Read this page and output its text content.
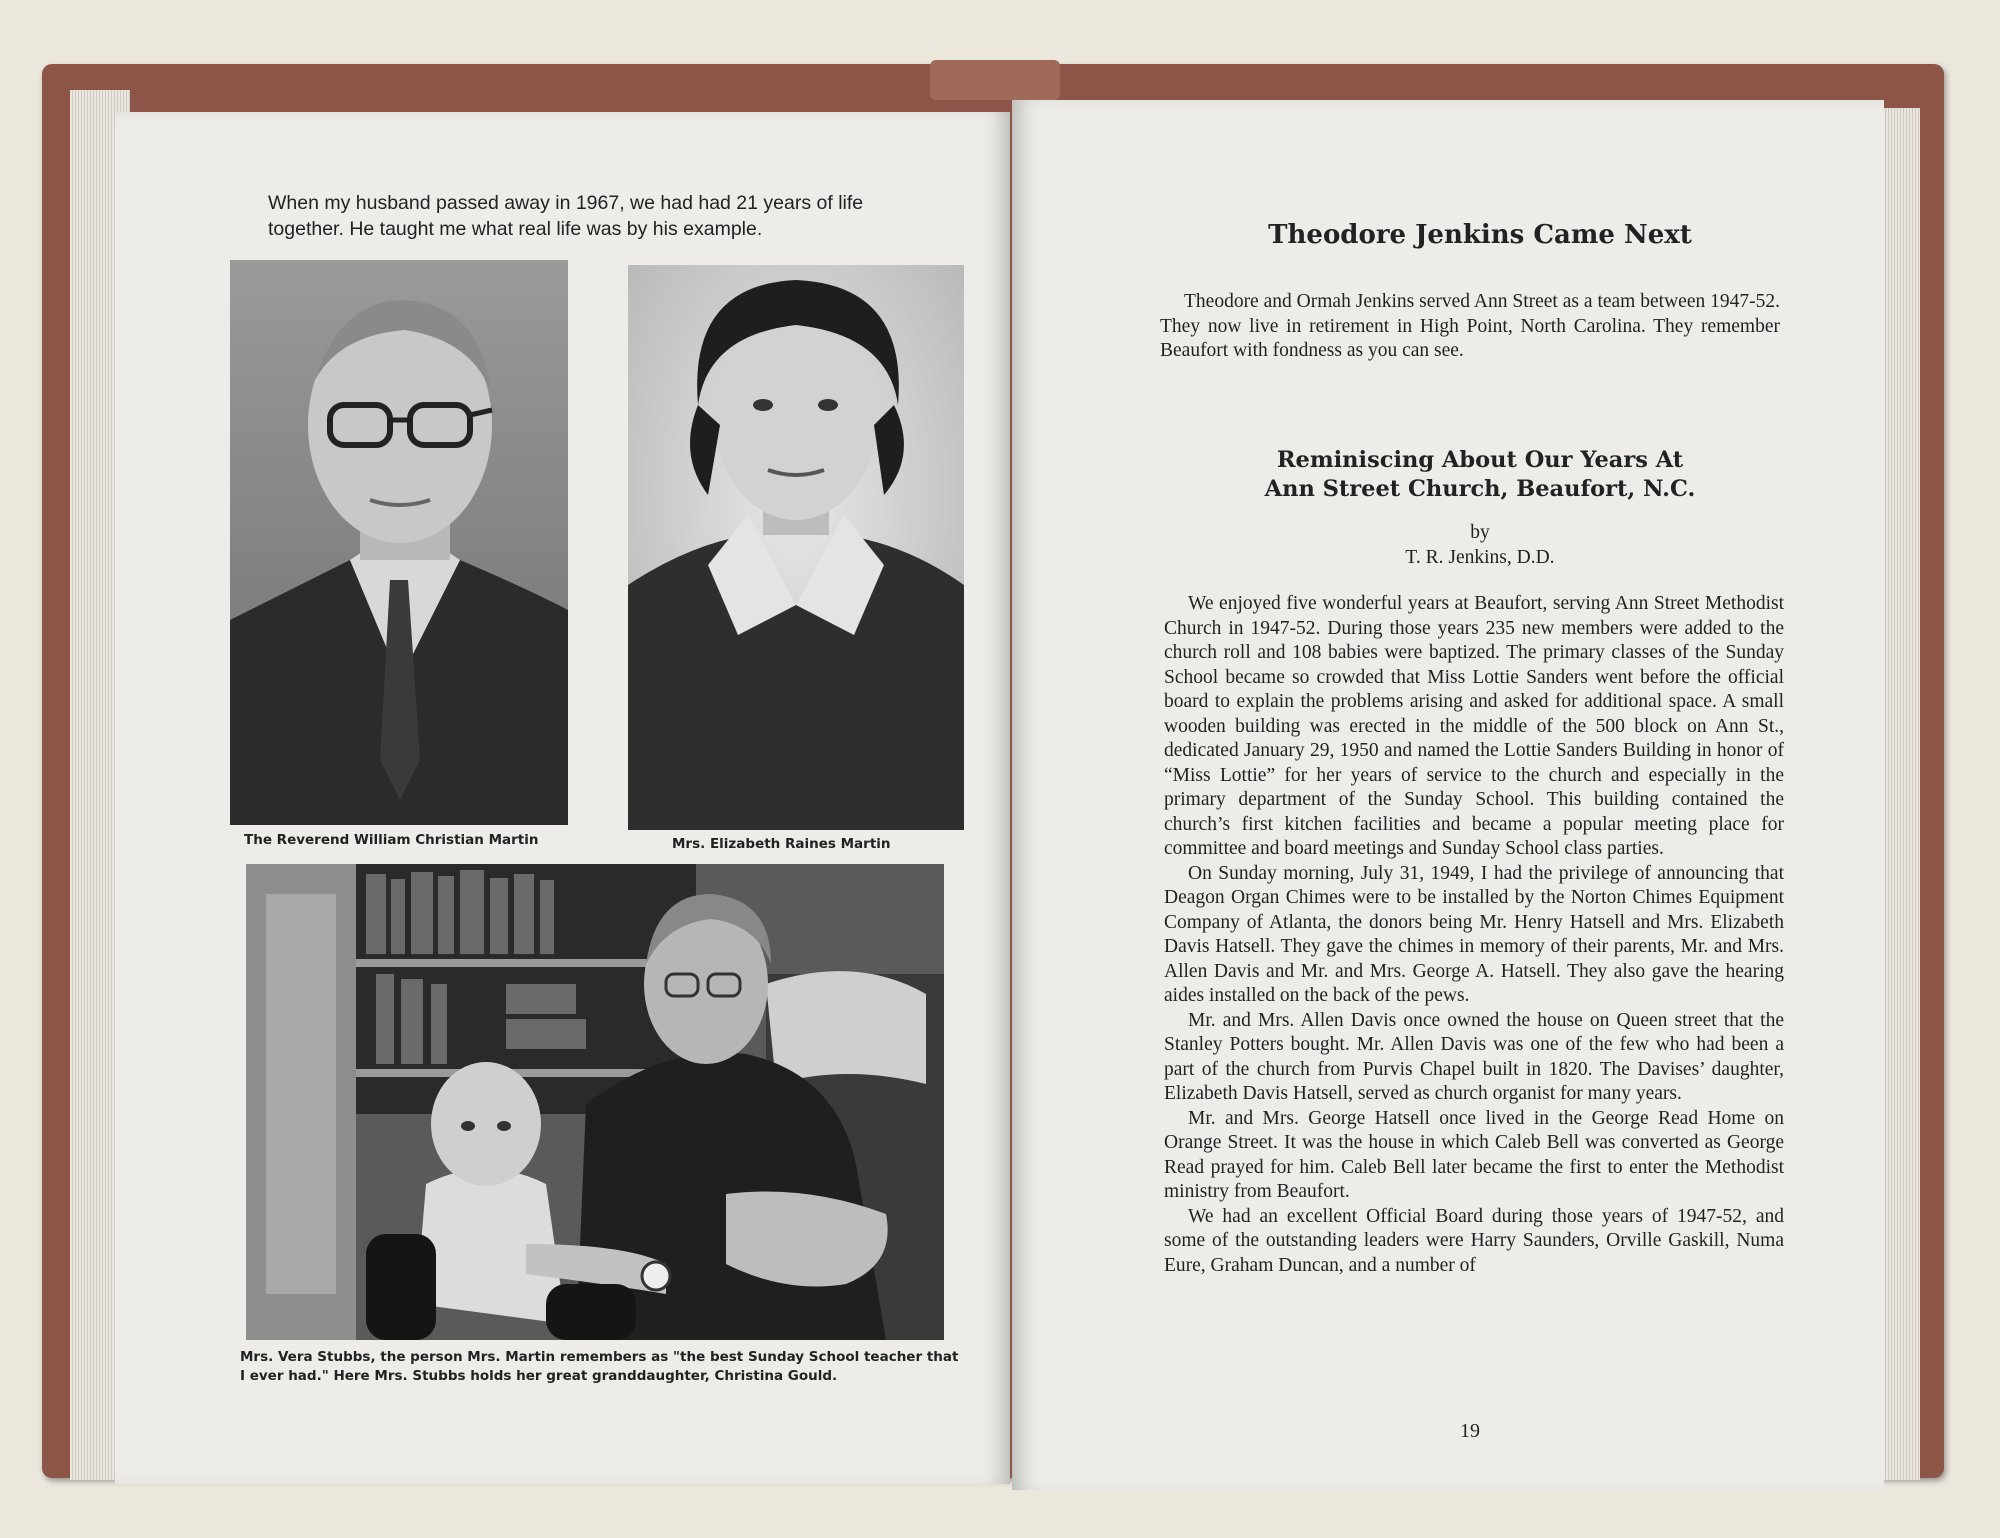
When my husband passed away in 1967, we had had 21 years of life together. He taught me what real life was by his example.
The Reverend William Christian Martin	Mrs. Elizabeth Raines Martin
Mrs. Vera Stubbs, the person Mrs. Martin remembers as "the best Sunday School teacher that I ever had." Here Mrs. Stubbs holds her great granddaughter, Christina Gould.
Theodore Jenkins Came Next
Theodore and Ormah Jenkins served Ann Street as a team between 1947-52. They now live in retirement in High Point, North Carolina. They remember Beaufort with fondness as you can see.
Reminiscing About Our Years At
Ann Street Church, Beaufort, N.C.
by
T. R. Jenkins, D.D.

We enjoyed five wonderful years at Beaufort, serving Ann Street Methodist Church in 1947-52. During those years 235 new members were added to the church roll and 108 babies were baptized. The primary classes of the Sunday School became so crowded that Miss Lottie Sanders went before the official board to explain the problems arising and asked for additional space. A small wooden building was erected in the middle of the 500 block on Ann St., dedicated January 29, 1950 and named the Lottie Sanders Building in honor of “Miss Lottie” for her years of service to the church and especially in the primary department of the Sunday School. This building contained the church’s first kitchen facilities and became a popular meeting place for committee and board meetings and Sunday School class parties.

On Sunday morning, July 31, 1949, I had the privilege of announcing that Deagon Organ Chimes were to be installed by the Norton Chimes Equipment Company of Atlanta, the donors being Mr. Henry Hatsell and Mrs. Elizabeth Davis Hatsell. They gave the chimes in memory of their parents, Mr. and Mrs. Allen Davis and Mr. and Mrs. George A. Hatsell. They also gave the hearing aides installed on the back of the pews.

Mr. and Mrs. Allen Davis once owned the house on Queen street that the Stanley Potters bought. Mr. Allen Davis was one of the few who had been a part of the church from Purvis Chapel built in 1820. The Davises’ daughter, Elizabeth Davis Hatsell, served as church organist for many years.

Mr. and Mrs. George Hatsell once lived in the George Read Home on Orange Street. It was the house in which Caleb Bell was converted as George Read prayed for him. Caleb Bell later became the first to enter the Methodist ministry from Beaufort.

We had an excellent Official Board during those years of 1947-52, and some of the outstanding leaders were Harry Saunders, Orville Gaskill, Numa Eure, Graham Duncan, and a number of

19
